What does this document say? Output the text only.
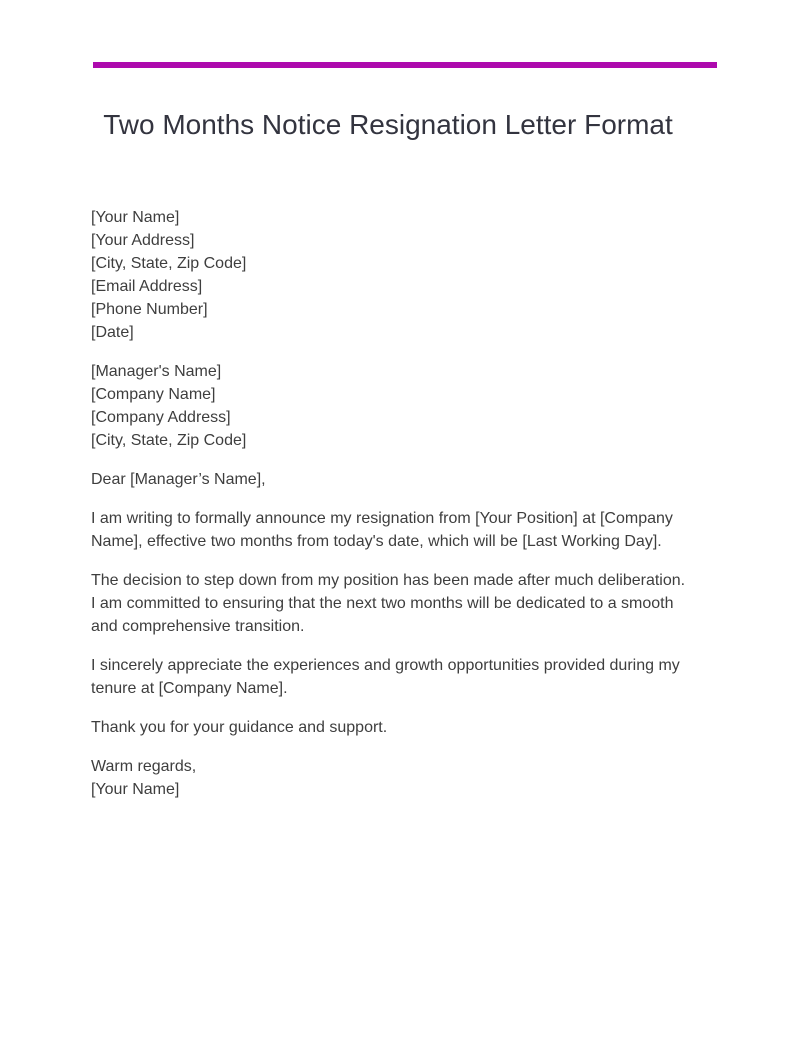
Two Months Notice Resignation Letter Format
[Your Name]
[Your Address]
[City, State, Zip Code]
[Email Address]
[Phone Number]
[Date]
[Manager's Name]
[Company Name]
[Company Address]
[City, State, Zip Code]

Dear [Manager’s Name],

I am writing to formally announce my resignation from [Your Position] at [Company Name], effective two months from today's date, which will be [Last Working Day].

The decision to step down from my position has been made after much deliberation. I am committed to ensuring that the next two months will be dedicated to a smooth and comprehensive transition.

I sincerely appreciate the experiences and growth opportunities provided during my tenure at [Company Name].

Thank you for your guidance and support.

Warm regards,
[Your Name]
